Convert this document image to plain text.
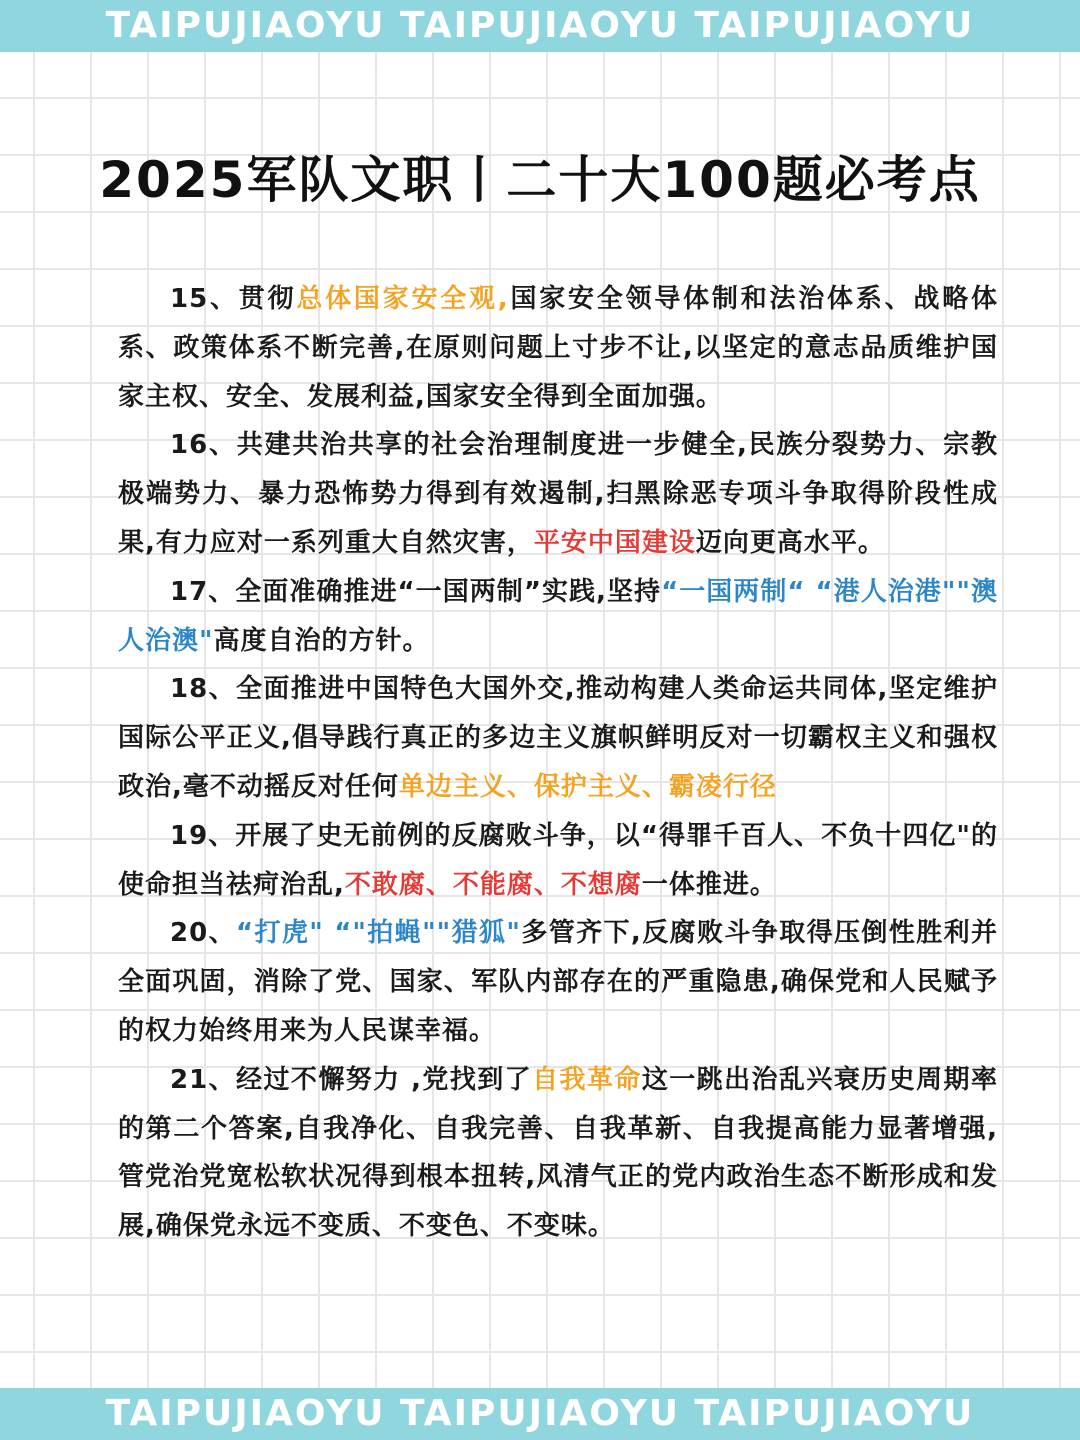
TAIPUJIAOYU TAIPUJIAOYU TAIPUJIAOYU
2025军队文职丨二十大100题必考点

15、贯彻总体国家安全观,国家安全领导体制和法治体系、战略体系、政策体系不断完善,在原则问题上寸步不让,以坚定的意志品质维护国家主权、安全、发展利益,国家安全得到全面加强。

16、共建共治共享的社会治理制度进一步健全,民族分裂势力、宗教极端势力、暴力恐怖势力得到有效遏制,扫黑除恶专项斗争取得阶段性成果,有力应对一系列重大自然灾害，平安中国建设迈向更高水平。

17、全面准确推进“一国两制”实践,坚持“一国两制“ “港人治港""澳人治澳"高度自治的方针。

18、全面推进中国特色大国外交,推动构建人类命运共同体,坚定维护国际公平正义,倡导践行真正的多边主义旗帜鲜明反对一切霸权主义和强权政治,毫不动摇反对任何单边主义、保护主义、霸凌行径

19、开展了史无前例的反腐败斗争，以“得罪千百人、不负十四亿"的使命担当祛疴治乱,不敢腐、不能腐、不想腐一体推进。

20、“打虎" “"拍蝇""猎狐"多管齐下,反腐败斗争取得压倒性胜利并全面巩固，消除了党、国家、军队内部存在的严重隐患,确保党和人民赋予的权力始终用来为人民谋幸福。

21、经过不懈努力 ,党找到了自我革命这一跳出治乱兴衰历史周期率的第二个答案,自我净化、自我完善、自我革新、自我提高能力显著增强,管党治党宽松软状况得到根本扭转,风清气正的党内政治生态不断形成和发展,确保党永远不变质、不变色、不变味。

TAIPUJIAOYU TAIPUJIAOYU TAIPUJIAOYU
